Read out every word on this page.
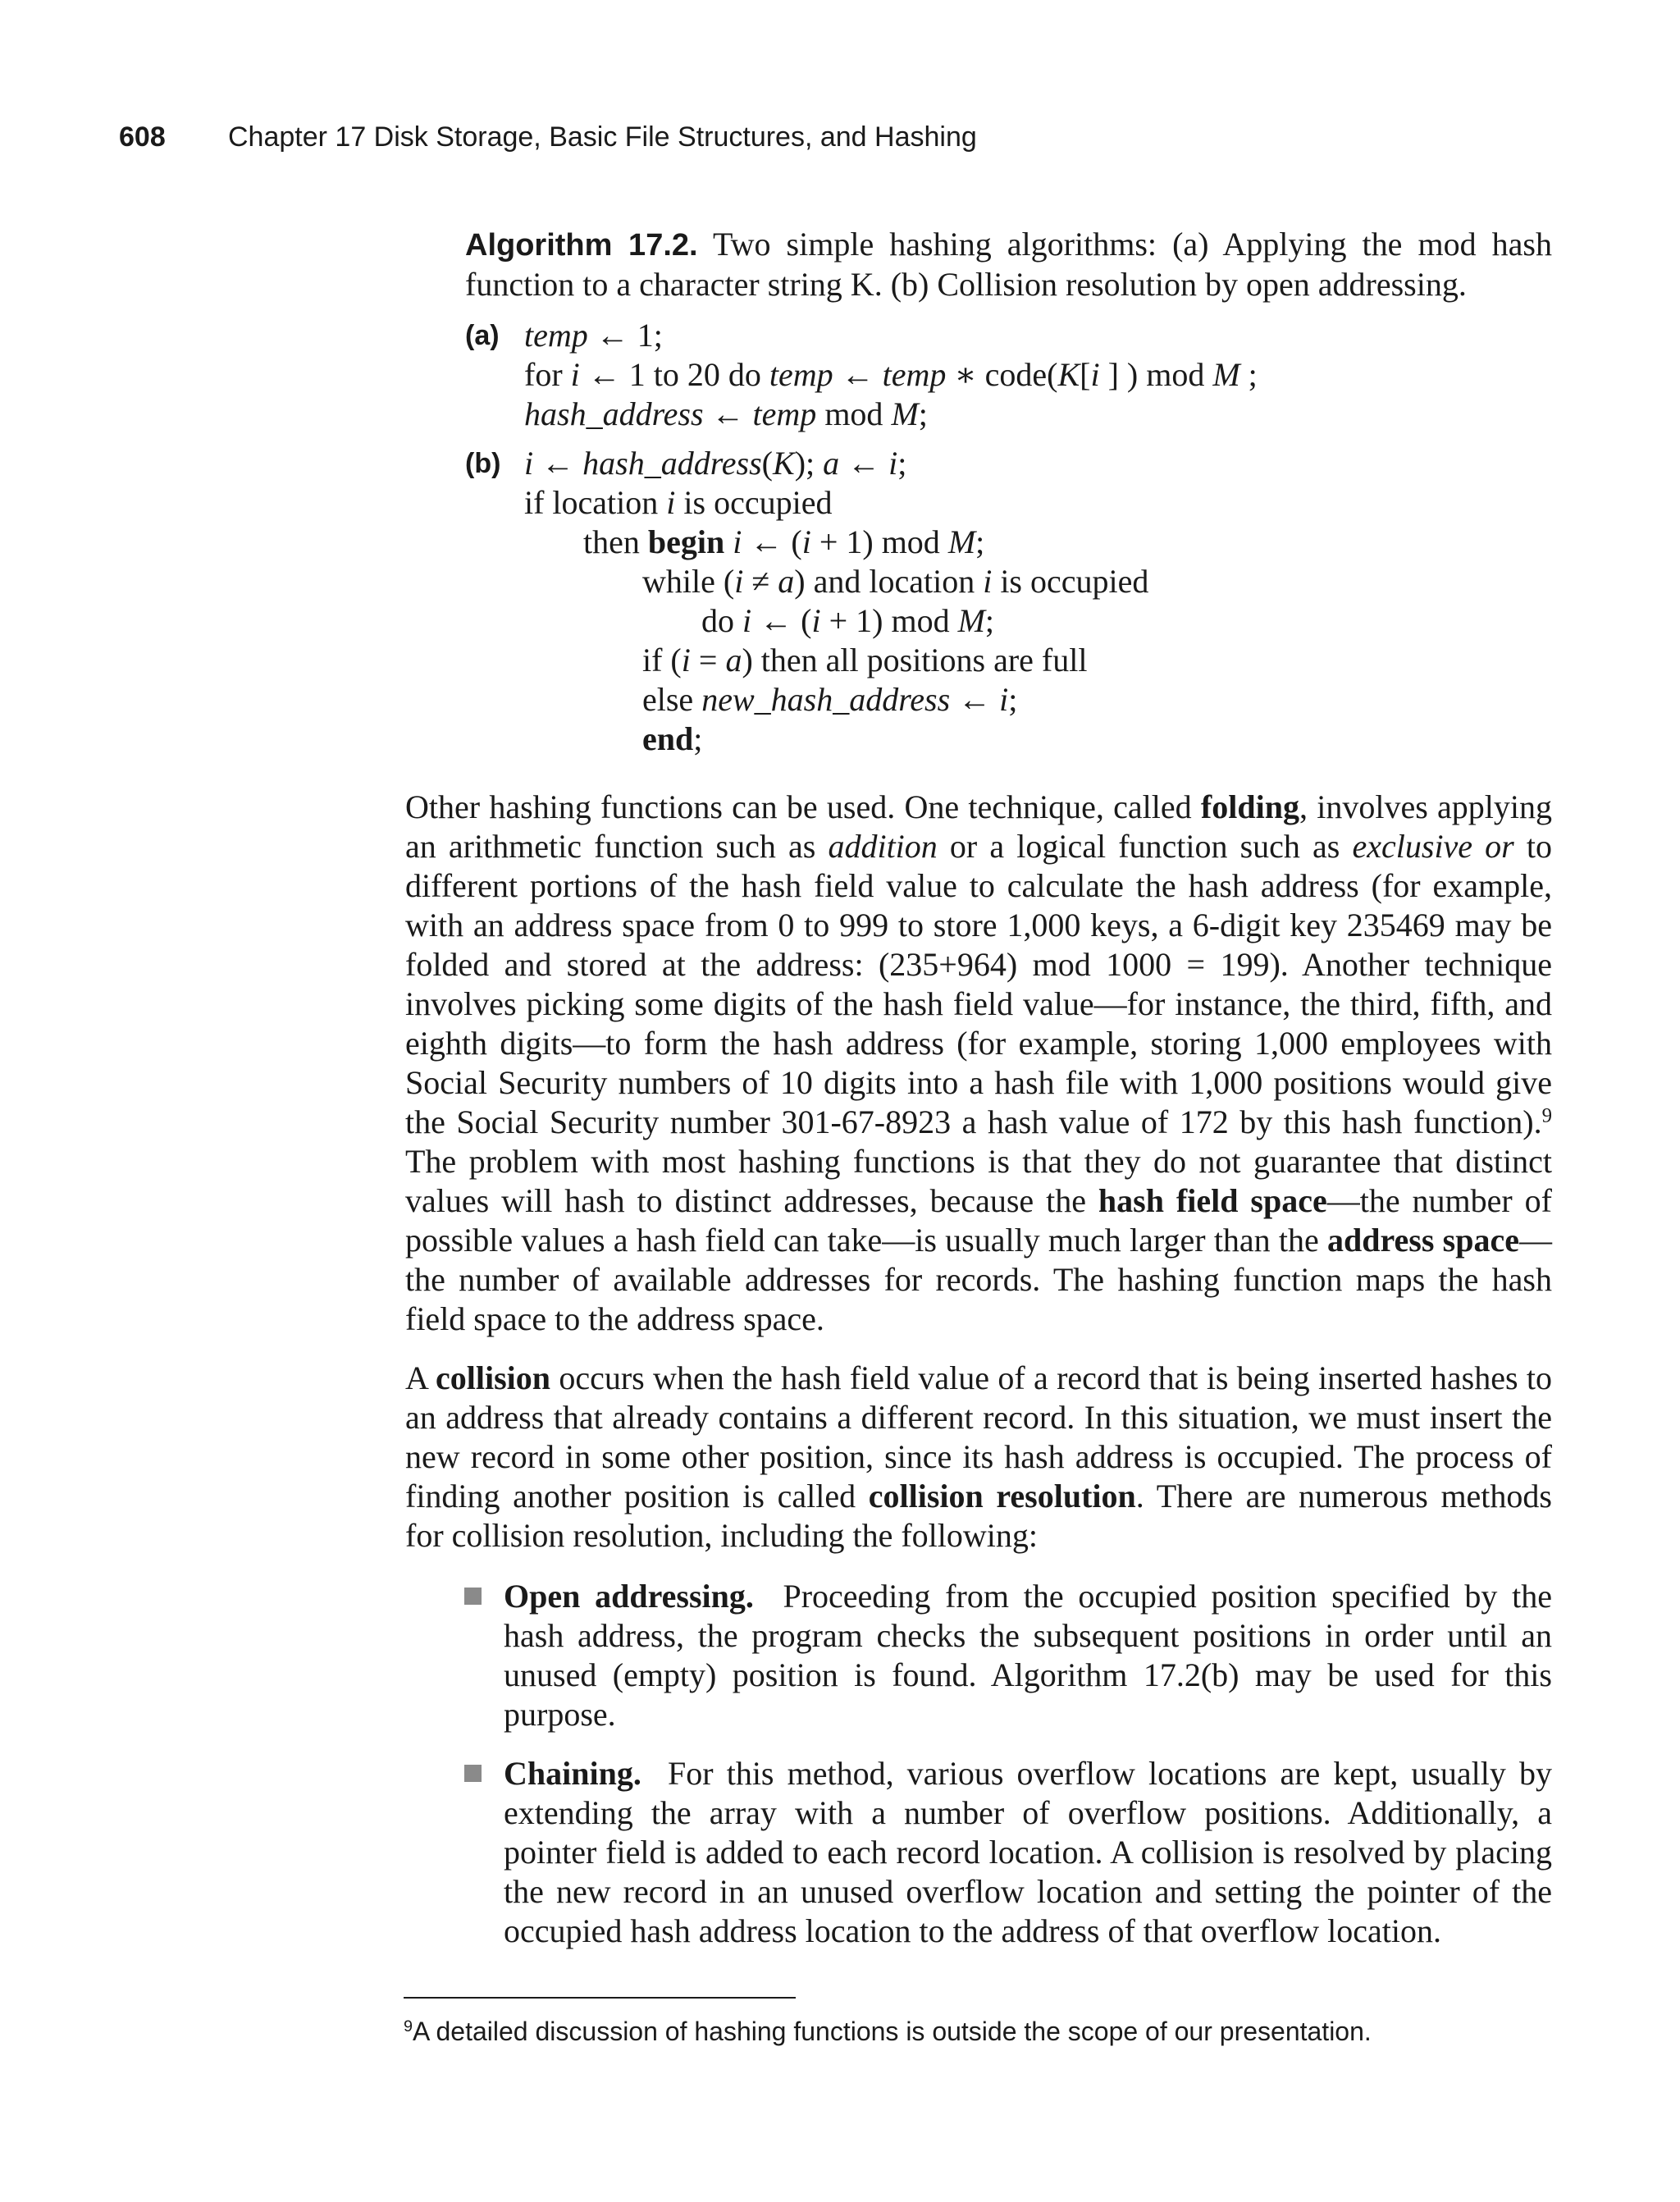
608 Chapter 17 Disk Storage, Basic File Structures, and Hashing

Algorithm 17.2. Two simple hashing algorithms: (a) Applying the mod hash function to a character string K. (b) Collision resolution by open addressing.

(a) temp ← 1;
for i ← 1 to 20 do temp ← temp ∗ code(K[i ] ) mod M ;
hash_address ← temp mod M;
(b) i ← hash_address(K); a ← i;
if location i is occupied
then begin i ← (i + 1) mod M;
while (i ≠ a) and location i is occupied
do i ← (i + 1) mod M;
if (i = a) then all positions are full
else new_hash_address ← i;
end;

Other hashing functions can be used. One technique, called folding, involves applying an arithmetic function such as addition or a logical function such as exclusive or to different portions of the hash field value to calculate the hash address (for example, with an address space from 0 to 999 to store 1,000 keys, a 6-digit key 235469 may be folded and stored at the address: (235+964) mod 1000 = 199). Another technique involves picking some digits of the hash field value—for instance, the third, fifth, and eighth digits—to form the hash address (for example, storing 1,000 employees with Social Security numbers of 10 digits into a hash file with 1,000 positions would give the Social Security number 301-67-8923 a hash value of 172 by this hash function).$^9$ The problem with most hashing functions is that they do not guarantee that distinct values will hash to distinct addresses, because the hash field space—the number of possible values a hash field can take—is usually much larger than the address space—the number of available addresses for records. The hashing function maps the hash field space to the address space.

A collision occurs when the hash field value of a record that is being inserted hashes to an address that already contains a different record. In this situation, we must insert the new record in some other position, since its hash address is occupied. The process of finding another position is called collision resolution. There are numerous methods for collision resolution, including the following:

Open addressing. Proceeding from the occupied position specified by the hash address, the program checks the subsequent positions in order until an unused (empty) position is found. Algorithm 17.2(b) may be used for this purpose.
Chaining. For this method, various overflow locations are kept, usually by extending the array with a number of overflow positions. Additionally, a pointer field is added to each record location. A collision is resolved by placing the new record in an unused overflow location and setting the pointer of the occupied hash address location to the address of that overflow location.
$^9$A detailed discussion of hashing functions is outside the scope of our presentation.
